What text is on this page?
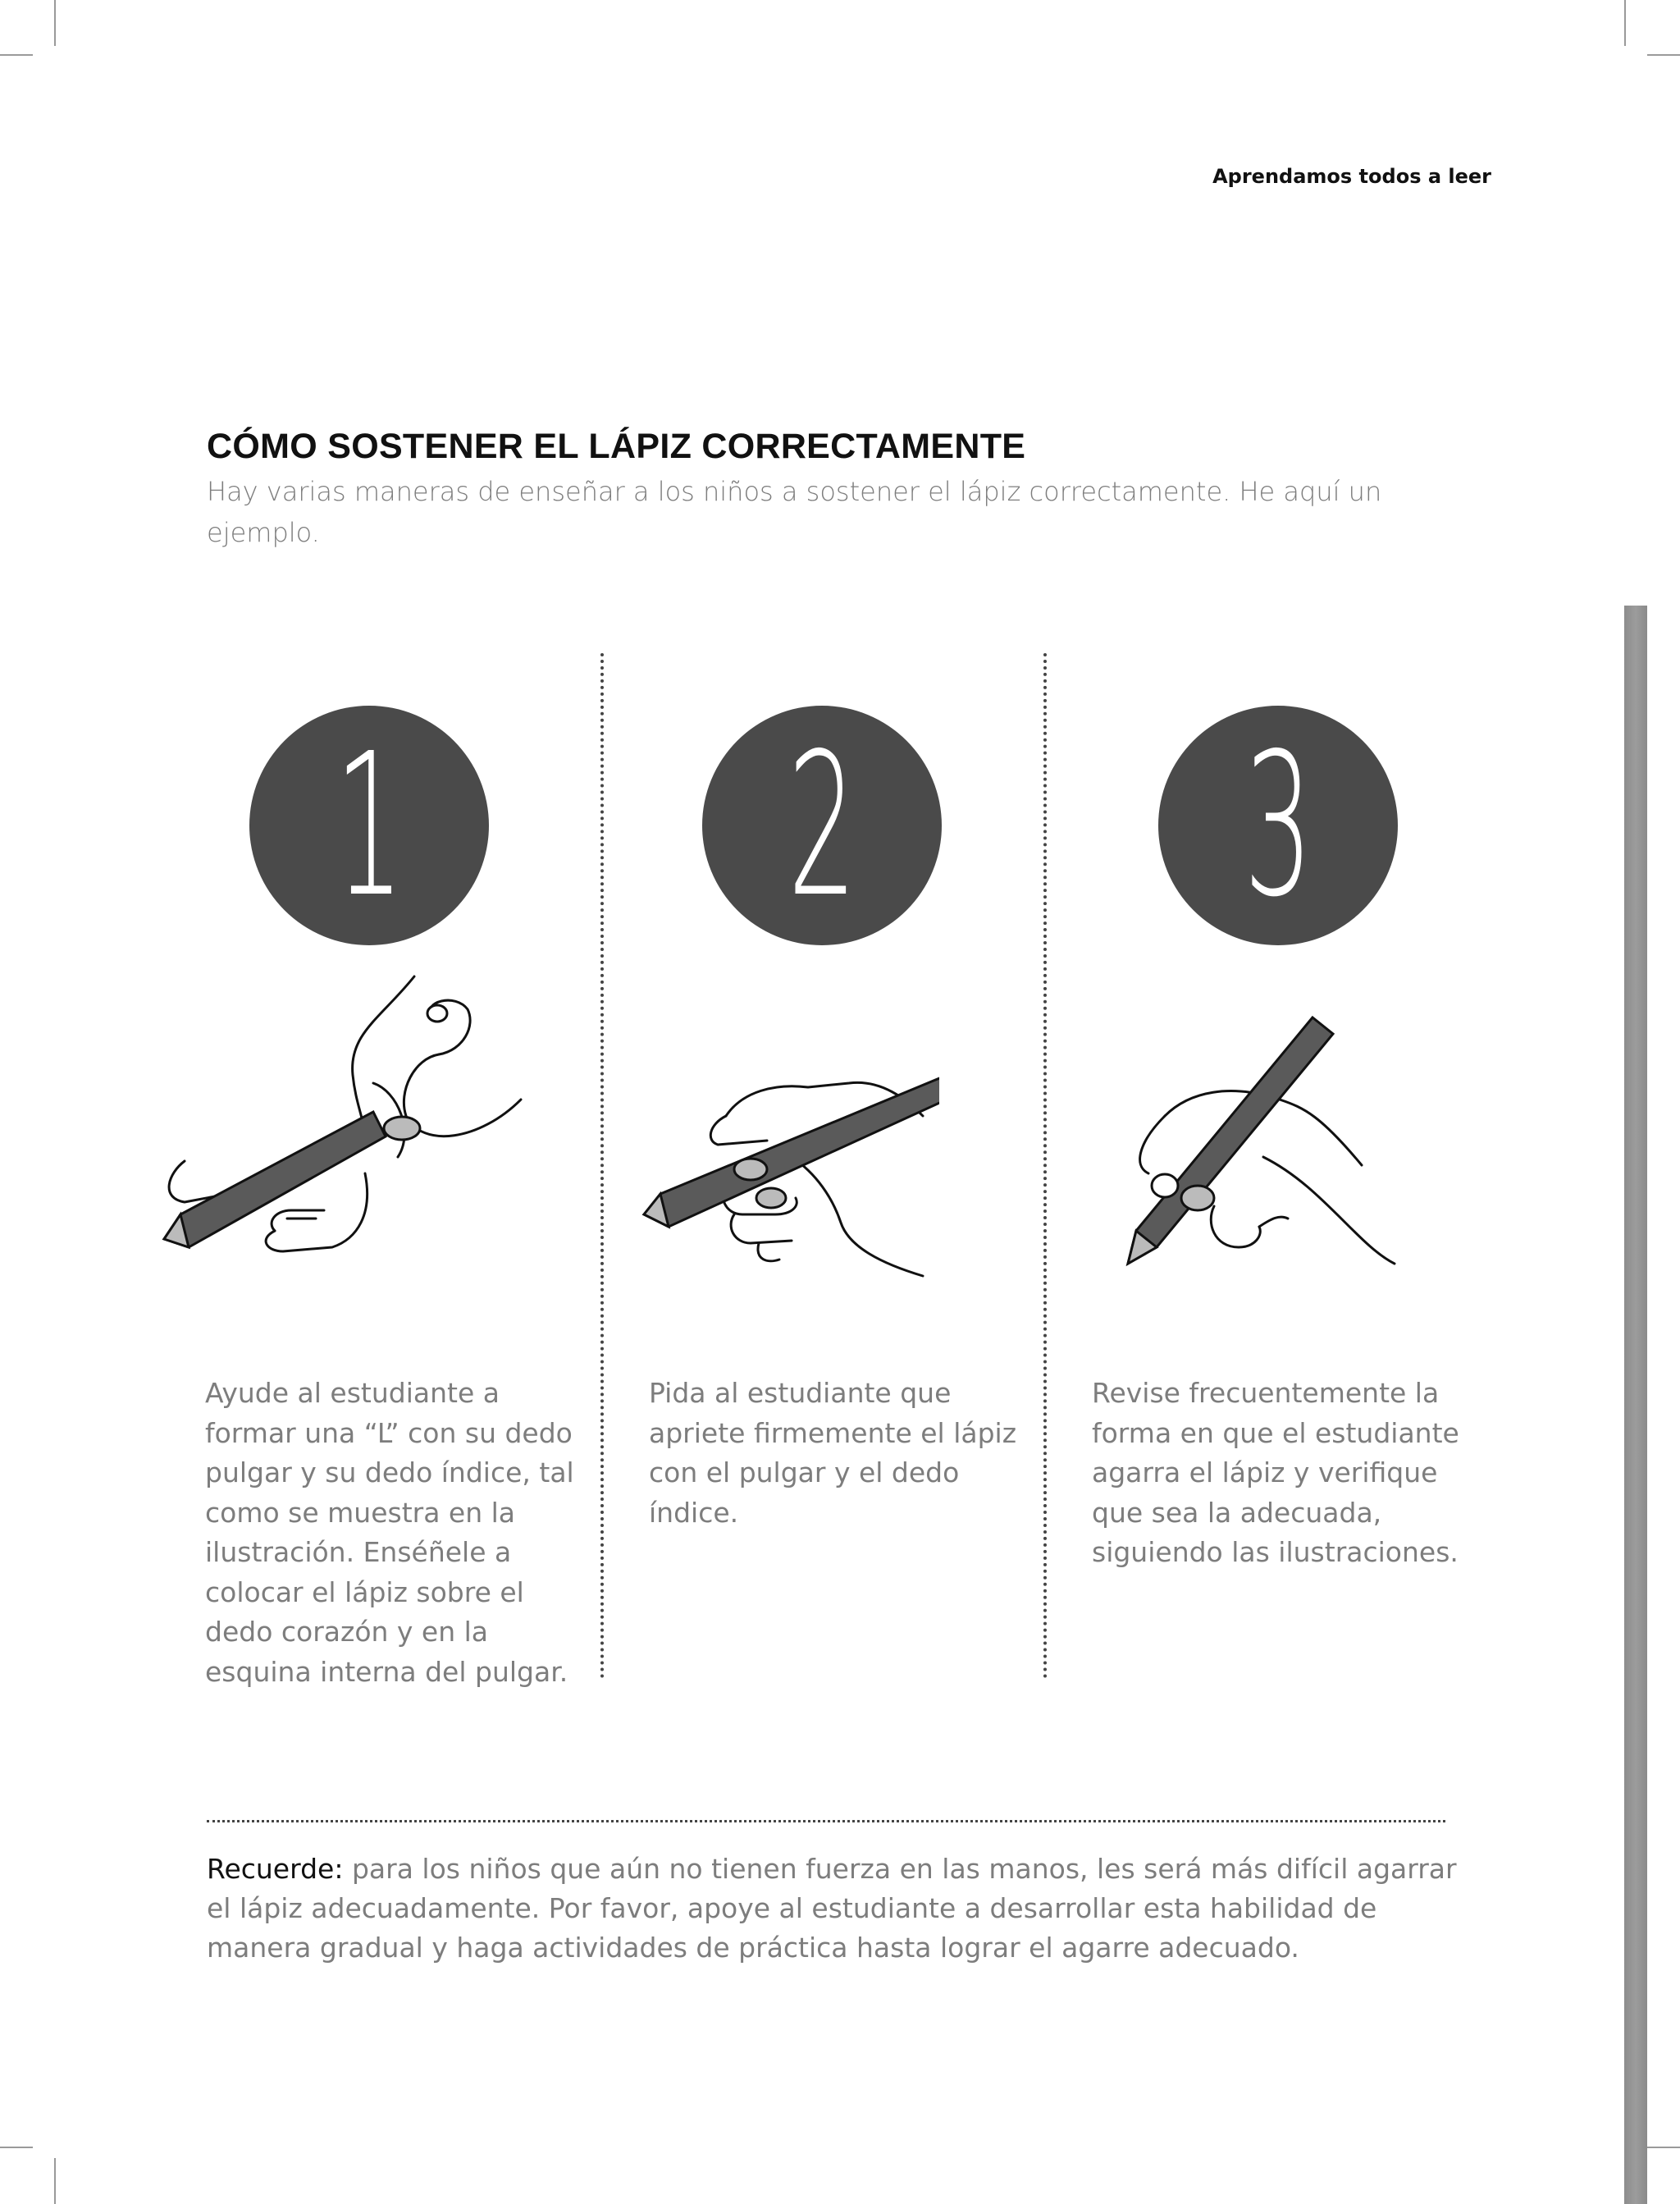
Aprendamos todos a leer
CÓMO SOSTENER EL LÁPIZ CORRECTAMENTE

Hay varias maneras de enseñar a los niños a sostener el lápiz correctamente. He aquí un ejemplo.

1

Ayude al estudiante a formar una “L” con su dedo pulgar y su dedo índice, tal como se muestra en la ilustración. Enséñele a colocar el lápiz sobre el dedo corazón y en la esquina interna del pulgar.

2

Pida al estudiante que apriete firmemente el lápiz con el pulgar y el dedo índice.

3

Revise frecuentemente la forma en que el estudiante agarra el lápiz y verifique que sea la adecuada, siguiendo las ilustraciones.

Recuerde: para los niños que aún no tienen fuerza en las manos, les será más difícil agarrar el lápiz adecuadamente. Por favor, apoye al estudiante a desarrollar esta habilidad de manera gradual y haga actividades de práctica hasta lograr el agarre adecuado.
